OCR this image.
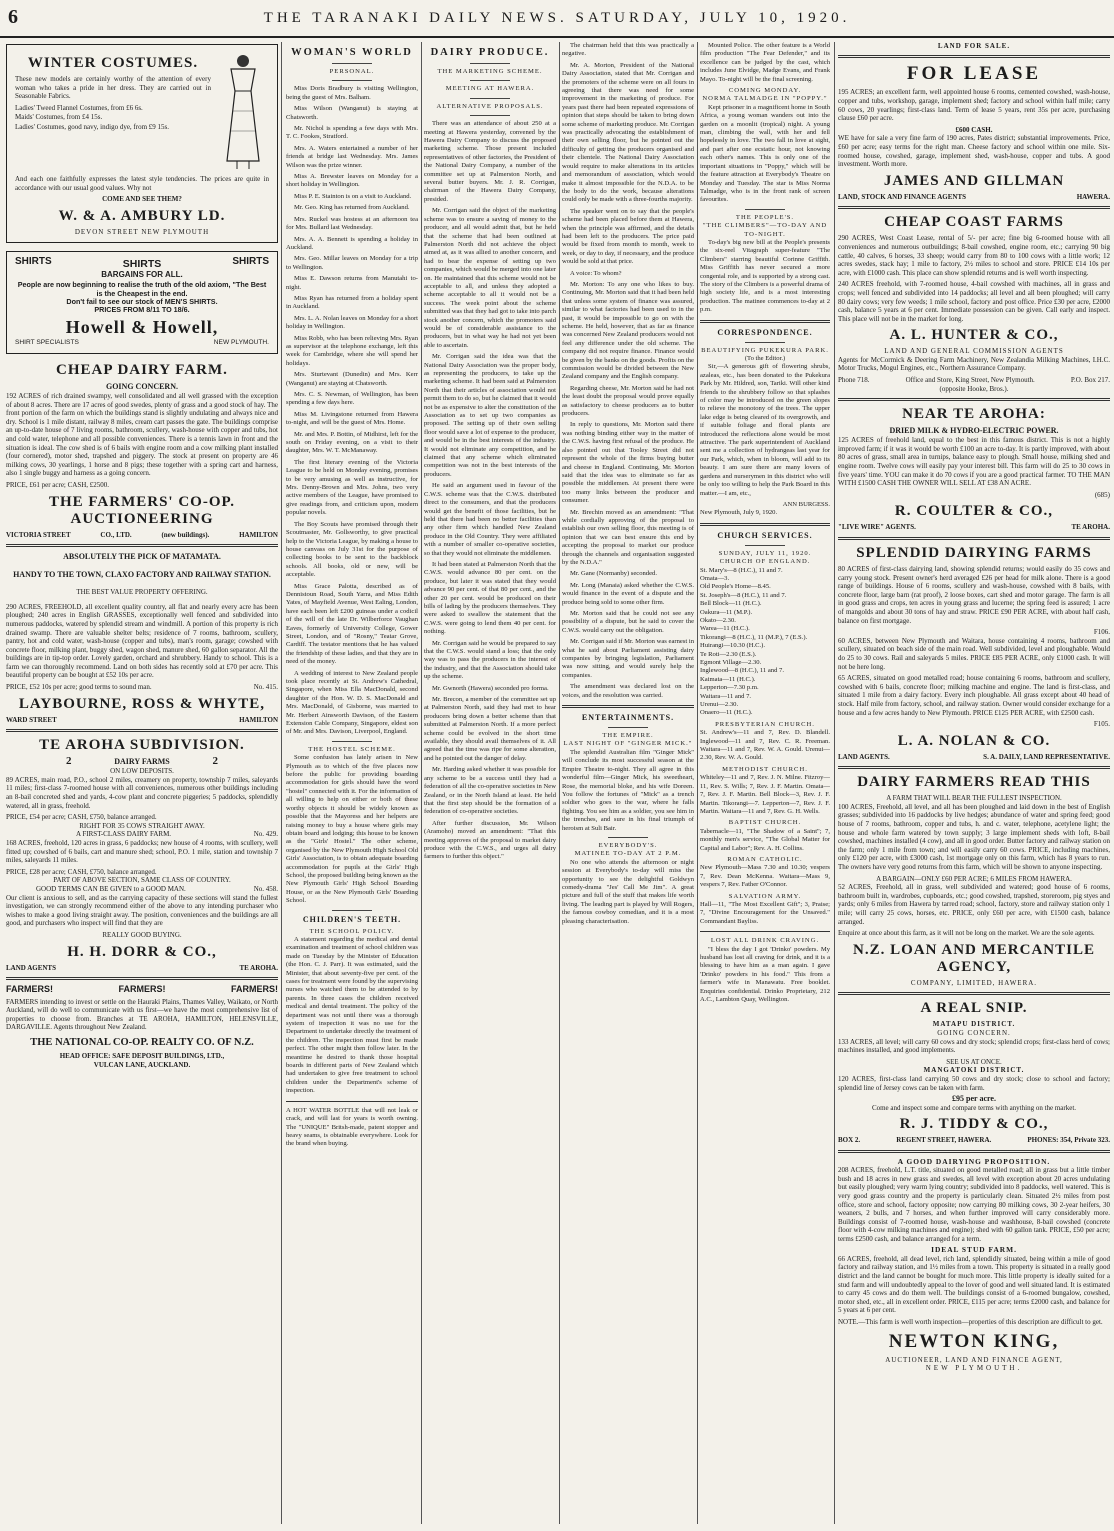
6	THE TARANAKI DAILY NEWS. SATURDAY, JULY 10, 1920.
WINTER COSTUMES.
These new models are certainly worthy of the attention of every woman who takes a pride in her dress. They are carried out in Seasonable Fabrics.
Ladies' Tweed Flannel Costumes, from £6 6s.
Maids' Costumes, from £4 15s.
Ladies' Costumes, good navy, indigo dye, from £9 15s.
And each one faithfully expresses the latest style tendencies. The prices are quite in accordance with our usual good values. Why not
COME AND SEE THEM?
W. & A. AMBURY LD.
DEVON STREET NEW PLYMOUTH
SHIRTS	SHIRTS	SHIRTS
BARGAINS FOR ALL.
People are now beginning to realise the truth of the old axiom, "The Best is the Cheapest in the end.
Don't fail to see our stock of MEN'S SHIRTS.
PRICES FROM 8/11 TO 18/6.
Howell & Howell,
SHIRT SPECIALISTS	NEW PLYMOUTH.
CHEAP DAIRY FARM.
GOING CONCERN.
192 ACRES of rich drained swampy, well consolidated and all well grassed with the exception of about 8 acres. There are 17 acres of good swedes, plenty of grass and a good stock of hay. The front portion of the farm on which the buildings stand is slightly undulating and always nice and dry. School is 1 mile distant, railway 8 miles, cream cart passes the gate. The buildings comprise an up-to-date house of 7 living rooms, bathroom, scullery, wash-house with copper and tubs, hot and cold water, telephone and all possible conveniences. There is a tennis lawn in front and the situation is ideal. The cow shed is of 6 bails with engine room and a cow milking plant installed (four cornered), motor shed, trapshed and piggery. The stock at present on property are 46 milking cows, 30 yearlings, 1 horse and 8 pigs; these together with a spring cart and harness, also 1 single buggy and harness as a going concern.
PRICE, £61 per acre; CASH, £2500.
THE FARMERS' CO-OP. AUCTIONEERING
VICTORIA STREET	CO., LTD.	(new buildings).	HAMILTON
ABSOLUTELY THE PICK OF MATAMATA.
HANDY TO THE TOWN, CLAXO FACTORY AND RAILWAY STATION.
THE BEST VALUE PROPERTY OFFERING.
290 ACRES, FREEHOLD, all excellent quality country, all flat and nearly every acre has been ploughed; 240 acres in English GRASSES, exceptionally well fenced and subdivided into numerous paddocks, watered by splendid stream and windmill. A portion of this property is rich drained swamp. There are valuable shelter belts; residence of 7 rooms, bathroom, scullery, pantry, hot and cold water, wash-house (copper and tubs), man's room, garage; cowshed with concrete floor, milking plant, buggy shed, wagon shed, manure shed, 60 gallon separator. All the buildings are in tip-top order. Lovely garden, orchard and shrubbery. Handy to school. This is a farm we can thoroughly recommend. Land on both sides has recently sold at £70 per acre. This beautiful property can be bought at £52 10s per acre.
PRICE, £52 10s per acre; good terms to sound man.	No. 415.
LAYBOURNE, ROSS & WHYTE,
WARD STREET	HAMILTON
TE AROHA SUBDIVISION.
2	DAIRY FARMS	2
ON LOW DEPOSITS.
89 ACRES, main road, P.O., school 2 miles, creamery on property, township 7 miles, saleyards 11 miles; first-class 7-roomed house with all conveniences, numerous other buildings including an 8-bail concreted shed and yards, 4-cow plant and concrete piggeries; 5 paddocks, splendidly watered, all in grass, freehold.
PRICE, £54 per acre; CASH, £750, balance arranged.
RIGHT FOR 35 COWS STRAIGHT AWAY.
A FIRST-CLASS DAIRY FARM.	No. 429.
168 ACRES, freehold, 120 acres in grass, 6 paddocks; new house of 4 rooms, with scullery, well fitted up; cowshed of 6 bails, cart and manure shed; school, P.O. 1 mile, station and township 7 miles, saleyards 11 miles.
PRICE, £28 per acre; CASH, £750, balance arranged.
PART OF ABOVE SECTION, SAME CLASS OF COUNTRY.
GOOD TERMS CAN BE GIVEN to a GOOD MAN.	No. 458.
Our client is anxious to sell, and as the carrying capacity of these sections will stand the fullest investigation, we can strongly recommend either of the above to any intending purchaser who wishes to make a good living straight away. The position, conveniences and the buildings are all good, and purchasers who inspect will find that they are
REALLY GOOD BUYING.
H. H. DORR & CO.,
LAND AGENTS	TE AROHA.
FARMERS!	FARMERS!	FARMERS!
FARMERS intending to invest or settle on the Hauraki Plains, Thames Valley, Waikato, or North Auckland, will do well to communicate with us first—we have the most comprehensive list of properties to choose from. Branches at TE AROHA, HAMILTON, HELENSVILLE, DARGAVILLE. Agents throughout New Zealand.
THE NATIONAL CO-OP. REALTY CO. OF N.Z.
HEAD OFFICE: SAFE DEPOSIT BUILDINGS, LTD.,
VULCAN LANE, AUCKLAND.
WOMAN'S WORLD
PERSONAL.
Miss Doris Bradbury is visiting Wellington, being the guest of Mrs. Balham.
Miss Wilson (Wanganui) is staying at Chatsworth.
Mr. Nichol is spending a few days with Mrs. T. C. Fookes, Stratford.
Mrs. A. Waters entertained a number of her friends at bridge last Wednesday. Mrs. James Wilson was the prize winner.
Miss A. Brewster leaves on Monday for a short holiday in Wellington.
Miss P. E. Stainton is on a visit to Auckland.
Mr. Geo. King has returned from Auckland.
Mrs. Ruckel was hostess at an afternoon tea for Mrs. Bullard last Wednesday.
Mrs. A. A. Bennett is spending a holiday in Auckland.
Mrs. Geo. Millar leaves on Monday for a trip to Wellington.
Miss E. Dawson returns from Manutahi to-night.
Miss Ryan has returned from a holiday spent in Auckland.
Mrs. L. A. Nolan leaves on Monday for a short holiday in Wellington.
Miss Robb, who has been relieving Mrs. Ryan as supervisor at the telephone exchange, left this week for Cambridge, where she will spend her holidays.
Mrs. Sturtevant (Dunedin) and Mrs. Kerr (Wanganui) are staying at Chatsworth.
Mrs. C. S. Newman, of Wellington, has been spending a few days here.
Miss M. Livingstone returned from Hawera to-night, and will be the guest of Mrs. Home.
Mr. and Mrs. P. Bottin, of Midhirst, left for the south on Friday evening, on a visit to their daughter, Mrs. W. T. McManaway.
The first literary evening of the Victoria League to be held on Monday evening, promises to be very amusing as well as instructive, for Mrs. Denny-Brown and Mrs. Johns, two very active members of the League, have promised to give readings from, and criticism upon, modern popular novels.
The Boy Scouts have promised through their Scoutmaster, Mr. Gollsworthy, to give practical help to the Victoria League, by making a house to house canvass on July 31st for the purpose of collecting books to be sent to the backblock schools. All books, old or new, will be acceptable.
Miss Grace Palotta, described as of Dennistoun Road, South Yarra, and Miss Edith Yates, of Mayfield Avenue, West Ealing, London, have each been left £200 guineas under a codicil of the will of the late Dr. Wilberforce Vaughan Eaves, formerly of University College, Gower Street, London, and of "Rosny," Teatar Grove, Cardiff. The testator mentions that he has valued the friendship of these ladies, and that they are in need of the money.
A wedding of interest to New Zealand people took place recently at St. Andrew's Cathedral, Singapore, when Miss Ella MacDonald, second daughter of the Hon. W. D. S. MacDonald and Mrs. MacDonald, of Gisborne, was married to Mr. Herbert Ainsworth Davison, of the Eastern Extension Cable Company, Singapore, eldest son of Mr. and Mrs. Davison, Liverpool, England.
THE HOSTEL SCHEME.
Some confusion has lately arisen in New Plymouth as to which of the five places now before the public for providing boarding accommodation for girls should have the word "hostel" connected with it. For the information of all willing to help on either or both of these worthy objects it should be widely known as possible that the Mayoress and her helpers are raising money to buy a house where girls may obtain board and lodging; this house to be known as the "Girls' Hostel." The other scheme, organised by the New Plymouth High School Old Girls' Association, is to obtain adequate boarding accommodation for pupils at the Girls' High School, the proposed building being known as the New Plymouth Girls' High School Boarding House, or as the New Plymouth Girls' Boarding School.
CHILDREN'S TEETH.
THE SCHOOL POLICY.
A statement regarding the medical and dental examination and treatment of school children was made on Tuesday by the Minister of Education (the Hon. C. J. Parr). It was estimated, said the Minister, that about seventy-five per cent. of the cases for treatment were found by the supervising nurses who watched them to be attended to by parents. In three cases the children received medical and dental treatment. The policy of the department was not until there was a thorough system of inspection it was no use for the Department to undertake directly the treatment of the children. The inspection must first be made perfect. The other might then follow later. In the meantime he desired to thank those hospital boards in different parts of New Zealand which had undertaken to give free treatment to school children under the Department's scheme of inspection.
A HOT WATER BOTTLE that will not leak or crack, and will last for years is worth owning. The "UNIQUE" Britsh-made, patent stopper and heavy seams, is obtainable everywhere. Look for the brand when buying.
DAIRY PRODUCE.
THE MARKETING SCHEME.
MEETING AT HAWERA.
ALTERNATIVE PROPOSALS.
There was an attendance of about 250 at a meeting at Hawera yesterday, convened by the Hawera Dairy Company to discuss the proposed marketing scheme. Those present included representatives of other factories, the President of the National Dairy Company, a number of the committee set up at Palmerston North, and several butter buyers. Mr. J. R. Corrigan, chairman of the Hawera Dairy Company, presided.
Mr. Corrigan said the object of the marketing scheme was to ensure a saving of money to the producer, and all would admit that, but he held that the scheme that had been outlined at Palmerston North did not achieve the object aimed at, as it was allied to another concern, and had to bear the expense of setting up two companies, which would be merged into one later on. He maintained that this scheme would not be acceptable to all, and unless they adopted a scheme acceptable to all it would not be a success. The week point about the scheme submitted was that they had got to take into parch stock another concern, which the promoters said would be of considerable assistance to the producers, but in what way he had not yet been able to ascertain.
Mr. Corrigan said the idea was that the National Dairy Association was the proper body, as representing the producers, to take up the marketing scheme. It had been said at Palmerston North that their articles of association would not permit them to do so, but he claimed that it would not be as expensive to alter the constitution of the Association as to set up two companies as proposed. The setting up of their own selling floor would save a lot of expense to the producer, and would be in the best interests of the industry. It would not eliminate any competition, and he claimed that any scheme which eliminated competition was not in the best interests of the producers.
He said an argument used in favour of the C.W.S. scheme was that the C.W.S. distributed direct to the consumers, and that the producers would get the benefit of those facilities, but he held that there had been no better facilities than any other firm which handled New Zealand produce in the Old Country. They were affiliated with a number of smaller co-operative societies, so that they would not eliminate the middlemen.
It had been stated at Palmerston North that the C.W.S. would advance 80 per cent. on the produce, but later it was stated that they would advance 90 per cent. of that 80 per cent., and the other 20 per cent. would be produced on their bills of lading by the producers themselves. They were asked to swallow the statement that the C.W.S. were going to lend them 40 per cent. for nothing.
Mr. Corrigan said he would be prepared to say that the C.W.S. would stand a loss; that the only way was to pass the producers in the interest of the industry, and that the Association should take up the scheme.
Mr. Gwnorth (Hawera) seconded pro forma.
Mr. Brecon, a member of the committee set up at Palmerston North, said they had met to hear producers bring down a better scheme than that submitted at Palmerston North. If a more perfect scheme could be evolved in the short time available, they should avail themselves of it. All agreed that the time was ripe for some alteration, and he pointed out the danger of delay.
Mr. Harding asked whether it was possible for any scheme to be a success until they had a federation of all the co-operative societies in New Zealand, or in the North Island at least. He held that the first step should be the formation of a federation of co-operative societies.
After further discussion, Mr. Wilson (Aramoho) moved an amendment: "That this meeting approves of the proposal to market dairy produce with the C.W.S., and urges all dairy farmers to further this object."
The chairman held that this was practically a negative.
Mr. A. Morton, President of the National Dairy Association, stated that Mr. Corrigan and the promoters of the scheme were on all fours in agreeing that there was need for some improvement in the marketing of produce. For years past there had been repeated expressions of opinion that steps should be taken to bring down some scheme of marketing produce. Mr. Corrigan was practically advocating the establishment of their own selling floor, but he pointed out the difficulty of getting the producers organised and their clientele. The National Dairy Association would require to make alterations in its articles and memorandum of association, which would make it almost impossible for the N.D.A. to be the body to do the work, because alterations could only be made with a three-fourths majority.
The speaker went on to say that the people's scheme had been placed before them at Hawera, when the principle was affirmed, and the details had been left to the producers. The price paid would be fixed from month to month, week to week, or day to day, if necessary, and the produce would be sold at that price.
A voice: To whom?
Mr. Morton: To any one who likes to buy. Continuing, Mr. Morton said that it had been held that unless some system of finance was assured, similar to what factories had been used to in the past, it would be impossible to go on with the scheme. He held, however, that as far as finance was concerned New Zealand producers would not feel any difference under the old scheme. The company did not require finance. Finance would be given by the banks on the goods. Profits on the commission would be divided between the New Zealand company and the English company.
Regarding cheese, Mr. Morton said he had not the least doubt the proposal would prove equally as satisfactory to cheese producers as to butter producers.
In reply to questions, Mr. Morton said there was nothing binding either way in the matter of the C.W.S. having first refusal of the produce. He also pointed out that Tooley Street did not represent the whole of the firms buying butter and cheese in England. Continuing, Mr. Morton said that the idea was to eliminate so far as possible the middlemen. At present there were too many links between the producer and consumer.
Mr. Brechin moved as an amendment: "That while cordially approving of the proposal to establish our own selling floor, this meeting is of opinion that we can best ensure this end by accepting the proposal to market our produce through the channels and organisation suggested by the N.D.A."
Mr. Gane (Normanby) seconded.
Mr. Long (Manaia) asked whether the C.W.S. would finance in the event of a dispute and the produce being sold to some other firm.
Mr. Morton said that he could not see any possibility of a dispute, but he said to cover the C.W.S. would carry out the obligation.
Mr. Corrigan said if Mr. Morton was earnest in what he said about Parliament assisting dairy companies by bringing legislation, Parliament was now sitting, and would surely help the companies.
The amendment was declared lost on the voices, and the resolution was carried.
ENTERTAINMENTS.
THE EMPIRE.
LAST NIGHT OF "GINGER MICK."
The splendid Australian film "Ginger Mick" will conclude its most successful season at the Empire Theatre to-night. They all agree in this wonderful film—Ginger Mick, his sweetheart, Rose, the memorial bloke, and his wife Doreen. You follow the fortunes of "Mick" as a trench soldier who goes to the war, where he falls fighting. You see him as a soldier, you see him in the trenches, and sure in his final triumph of heroism at Suli Bair.
EVERYBODY'S.
MATINEE TO-DAY AT 2 P.M.
No one who attends the afternoon or night session at Everybody's to-day will miss the opportunity to see the delightful Goldwyn comedy-drama "Jes' Call Me Jim". A great picture and full of the stuff that makes life worth living. The leading part is played by Will Rogers, the famous cowboy comedian, and it is a most pleasing characterisation.
Mounted Police. The other feature is a World film production "The Fear Defender," and its excellence can be judged by the cast, which includes June Elvidge, Madge Evans, and Frank Mayo. To-night will be the final screening.
COMING MONDAY.
NORMA TALMADGE IN "POPPY."
Kept prisoner in a magnificent home in South Africa, a young woman wanders out into the garden on a moonlit (tropical) night. A young man, climbing the wall, with her and fell hopelessly in love. The two fall in love at sight, and part after one ecstatic hour, not knowing each other's names. This is only one of the important situations in "Poppy," which will be the feature attraction at Everybody's Theatre on Monday and Tuesday. The star is Miss Norma Talmadge, who is in the front rank of screen favourites.
THE PEOPLE'S.
"THE CLIMBERS"—TO-DAY AND TO-NIGHT.
To-day's big new bill at the People's presents the six-reel Vitagraph super-feature "The Climbers" starring beautiful Corinne Griffith. Miss Griffith has never secured a more congenial role, and is supported by a strong cast. The story of the Climbers is a powerful drama of high society life, and is a most interesting production. The matinee commences to-day at 2 p.m.
CORRESPONDENCE.
BEAUTIFYING PUKEKURA PARK.
(To the Editor.)
Sir,—A generous gift of flowering shrubs, azaleas, etc., has been donated to the Pukekura Park by Mr. Hildred, son, Tariki. Will other kind friends to the shrubbery follow so that splashes of color may be introduced on the green slopes to relieve the monotony of the trees. The upper lake edge is being cleared of its overgrowth, and if suitable foliage and floral plants are introduced the reflections alone would be most attractive. The park superintendent of Auckland sent me a collection of hydrangeas last year for our Park, which, when in bloom, will add to its beauty. I am sure there are many lovers of gardens and nurserymen in this district who will be only too willing to help the Park Board in this matter.—I am, etc.,
ANN BURGESS.
New Plymouth, July 9, 1920.
CHURCH SERVICES.
SUNDAY, JULY 11, 1920.
CHURCH OF ENGLAND.
St. Mary's—8 (H.C.), 11 and 7.
Omata—3.
Old People's Home—8.45.
St. Joseph's—8 (H.C.), 11 and 7.
Bell Block—11 (H.C.).
Oakura—11 (M.P.).
Okato—2.30.
Warea—11 (H.C.).
Tikorangi—8 (H.C.), 11 (M.P.), 7 (E.S.).
Huirangi—10.30 (H.C.).
Te Roti—2.30 (E.S.).
Egmont Village—2.30.
Inglewood—8 (H.C.), 11 and 7.
Kaimata—11 (H.C.).
Lepperton—7.30 p.m.
Waitara—11 and 7.
Urenui—2.30.
Onaero—11 (H.C.).
PRESBYTERIAN CHURCH.
St. Andrew's—11 and 7, Rev. D. Blandell. Inglewood—11 and 7, Rev. C. R. Freeman. Waitara—11 and 7, Rev. W. A. Gould. Urenui—2.30, Rev. W. A. Gould.
METHODIST CHURCH.
Whiteley—11 and 7, Rev. J. N. Milne. Fitzroy—11, Rev. S. Wills; 7, Rev. J. F. Martin. Omata—7, Rev. J. F. Martin. Bell Block—3, Rev. J. F. Martin. Tikorangi—7. Lepperton—7, Rev. J. F. Martin. Waitara—11 and 7, Rev. G. H. Wells.
BAPTIST CHURCH.
Tabernacle—11, "The Shadow of a Saint"; 7, monthly men's service, "The Global Matter for Capital and Labor"; Rev. A. H. Collins.
ROMAN CATHOLIC.
New Plymouth—Mass 7.30 and 10.30; vespers 7, Rev. Dean McKenna. Waitara—Mass 9, vespers 7, Rev. Father O'Connor.
SALVATION ARMY.
Hall—11, "The Most Excellent Gift"; 3, Praise; 7, "Divine Encouragement for the Unsaved." Commandant Bayliss.
LOST ALL DRINK CRAVING.
"I bless the day I got 'Drinko' powders. My husband has lost all craving for drink, and it is a blessing to have him as a man again. I gave 'Drinko' powders in his food." This from a farmer's wife in Manawatu. Free booklet. Enquiries confidential. Drinko Proprietary, 212 A.C., Lambton Quay, Wellington.
LAND FOR SALE.
FOR LEASE
195 ACRES; an excellent farm, well appointed house 6 rooms, cemented cowshed, wash-house, copper and tubs, workshop, garage, implement shed; factory and school within half mile; carry 60 cows, 20 yearlings; first-class land. Term of lease 5 years, rent 35s per acre, purchasing clause £60 per acre.
£600 CASH.
WE have for sale a very fine farm of 190 acres, Pates district; substantial improvements. Price, £60 per acre; easy terms for the right man. Cheese factory and school within one mile. Six-roomed house, cowshed, garage, implement shed, wash-house, copper and tubs. A good investment. Worth more.
JAMES AND GILLMAN
LAND, STOCK AND FINANCE AGENTS	HAWERA.
CHEAP COAST FARMS
290 ACRES, West Coast Lease, rental of 5/- per acre; fine big 6-roomed house with all conveniences and numerous outbuildings; 8-bail cowshed, engine room, etc.; carrying 90 big cattle, 40 calves, 6 horses, 33 sheep; would carry from 80 to 100 cows with a little work; 12 acres swedes, stack hay; 1 mile to factory, 2½ miles to school and store. PRICE £14 10s per acre, with £1000 cash. This place can show splendid returns and is well worth inspecting.
240 ACRES freehold, with 7-roomed house, 4-bail cowshed with machines, all in grass and crops; well fenced and subdivided into 14 paddocks; all level and all been ploughed; will carry 80 dairy cows; very few weeds; 1 mile school, factory and post office. Price £30 per acre, £2000 cash, balance 5 years at 6 per cent. Immediate possession can be given. Call early and inspect. This place will not be in the market for long.
A. L. HUNTER & CO.,
LAND AND GENERAL COMMISSION AGENTS
Agents for McCormick & Deering Farm Machinery, New Zealandia Milking Machines, I.H.C. Motor Trucks, Mogul Engines, etc., Northern Assurance Company.
Phone 718.	Office and Store, King Street, New Plymouth.	P.O. Box 217.
(opposite Hooke, Bros.).
NEAR TE AROHA:
DRIED MILK & HYDRO-ELECTRIC POWER.
125 ACRES of freehold land, equal to the best in this famous district. This is not a highly improved farm; if it was it would be worth £100 an acre to-day. It is partly improved, with about 80 acres of grass, small area in turnips, balance easy to plough. Small house, milking shed and engine room. Twelve cows will easily pay your interest bill. This farm will do 25 to 30 cows in five years' time. YOU can make it do 70 cows if you are a good practical farmer. TO THE MAN WITH £1500 CASH THE OWNER WILL SELL AT £38 AN ACRE.
(685)
R. COULTER & CO.,
"LIVE WIRE" AGENTS.	TE AROHA.
SPLENDID DAIRYING FARMS
80 ACRES of first-class dairying land, showing splendid returns; would easily do 35 cows and carry young stock. Present owner's herd averaged £26 per head for milk alone. There is a good range of buildings. House of 6 rooms, scullery and wash-house, cowshed with 8 bails, with concrete floor, large barn (rat proof), 2 loose boxes, cart shed and motor garage. The farm is all in good grass and crops, ten acres in young grass and lucerne; the spring feed is assured; 1 acre of mangolds and about 30 tons of hay and straw. PRICE £90 PER ACRE, with about half cash, balance on first mortgage.
F106.
60 ACRES, between New Plymouth and Waitara, house containing 4 rooms, bathroom and scullery, situated on beach side of the main road. Well subdivided, level and ploughable. Would do 25 to 30 cows. Rail and saleyards 5 miles. PRICE £85 PER ACRE, only £1000 cash. It will not be here long.
65 ACRES, situated on good metalled road; house containing 6 rooms, bathroom and scullery, cowshed with 6 bails, concrete floor; milking machine and engine. The land is first-class, and situated 1 mile from a dairy factory. Every inch ploughable. All grass except about 40 head of stock. Half mile from factory, school, and railway station. Owner would consider exchange for a house and a few acres handy to New Plymouth. PRICE £125 PER ACRE, with £2500 cash.
F105.
L. A. NOLAN & CO.
LAND AGENTS.	S. A. DAILY, LAND REPRESENTATIVE.
DAIRY FARMERS READ THIS
A FARM THAT WILL BEAR THE FULLEST INSPECTION.
100 ACRES, Freehold, all level, and all has been ploughed and laid down in the best of English grasses; subdivided into 16 paddocks by live hedges; abundance of water and spring feed; good house of 7 rooms, bathroom, copper and tubs, h. and c. water, telephone, acetylene light; the house and whole farm watered by town supply; 3 large implement sheds with loft, 8-bail cowshed, machines installed (4 cow), and all in good order. Butter factory and railway station on the farm; only 1 mile from town; and will easily carry 60 cows. PRICE, including machines, only £120 per acre, with £3000 cash, 1st mortgage only on this farm, which has 8 years to run. The owners have very good returns from this farm, which will be shown to anyone inspecting.
A BARGAIN—ONLY £60 PER ACRE; 6 MILES FROM HAWERA.
52 ACRES, Freehold, all in grass, well subdivided and watered; good house of 6 rooms, bathroom built in, wardrobes, cupboards, etc.; good cowshed, trapshed, storeroom, pig styes and yards; only 6 miles from Hawera by tarred road; school, factory, store and railway station only 1 mile; will carry 25 cows, horses, etc. PRICE, only £60 per acre, with £1500 cash, balance arranged.
Enquire at once about this farm, as it will not be long on the market. We are the sole agents.
N.Z. LOAN AND MERCANTILE AGENCY,
COMPANY, LIMITED, HAWERA.
A REAL SNIP.
MATAPU DISTRICT.
GOING CONCERN.
133 ACRES, all level; will carry 60 cows and dry stock; splendid crops; first-class herd of cows; machines installed, and good implements.
SEE US AT ONCE.
MANGATOKI DISTRICT.
120 ACRES, first-class land carrying 50 cows and dry stock; close to school and factory; splendid line of Jersey cows can be taken with farm.
£95 per acre.
Come and inspect some and compare terms with anything on the market.
R. J. TIDDY & CO.,
BOX 2.	REGENT STREET, HAWERA.	PHONES: 354, Private 323.
A GOOD DAIRYING PROPOSITION.
208 ACRES, freehold, L.T. title, situated on good metalled road; all in grass but a little timber bush and 18 acres in new grass and swedes, all level with exception about 20 acres undulating but easily ploughed; very warm lying country; subdivided into 8 paddocks, well watered. This is very good grass country and the property is particularly clean. Situated 2½ miles from post office, store and school, factory opposite; now carrying 80 milking cows, 30 2-year heifers, 30 weaners, 2 bulls, and 7 horses, and when further improved will carry considerably more. Buildings consist of 7-roomed house, wash-house and washhouse, 8-bail cowshed (concrete floor with 4-cow milking machines and engine); shed with 60 gallon tank. PRICE, £50 per acre; terms £2500 cash, and balance arranged for a term.
IDEAL STUD FARM.
66 ACRES, freehold, all dead level, rich land, splendidly situated, being within a mile of good factory and railway station, and 1½ miles from a town. This property is situated in a really good district and the land cannot be bought for much more. This little property is ideally suited for a stud farm and will undoubtedly appeal to the lover of good and well situated land. It is estimated to carry 45 cows and do them well. The buildings consist of a 6-roomed bungalow, cowshed, motor shed, etc., all in excellent order. PRICE, £115 per acre; terms £2000 cash, and balance for 5 years at 6 per cent.
NOTE.—This farm is well worth inspection—properties of this description are difficult to get.
NEWTON KING,
AUCTIONEER, LAND AND FINANCE AGENT,
NEW PLYMOUTH.
